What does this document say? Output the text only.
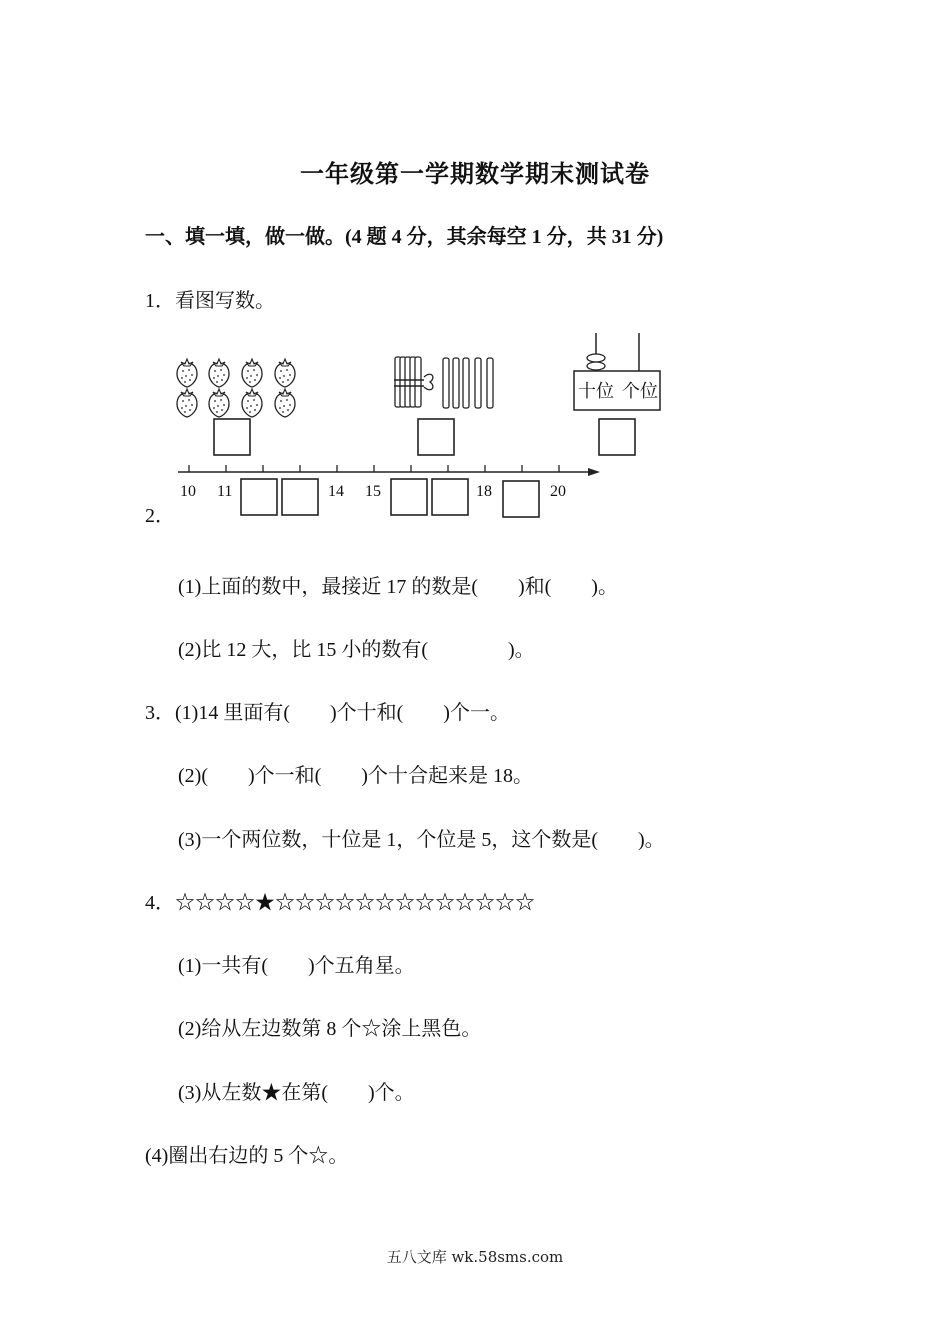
一年级第一学期数学期末测试卷
一、填一填，做一做。(4 题 4 分，其余每空 1 分，共 31 分)
1．看图写数。
十位 个位
10 11	14 15	18	20
2．
(1)上面的数中，最接近 17 的数是(　　)和(　　)。
(2)比 12 大，比 15 小的数有(　　　　)。
3．(1)14 里面有(　　)个十和(　　)个一。
(2)(　　)个一和(　　)个十合起来是 18。
(3)一个两位数，十位是 1，个位是 5，这个数是(　　)。
4．☆☆☆☆★☆☆☆☆☆☆☆☆☆☆☆☆☆
(1)一共有(　　)个五角星。
(2)给从左边数第 8 个☆涂上黑色。
(3)从左数★在第(　　)个。
(4)圈出右边的 5 个☆。
五八文库 wk.58sms.com
